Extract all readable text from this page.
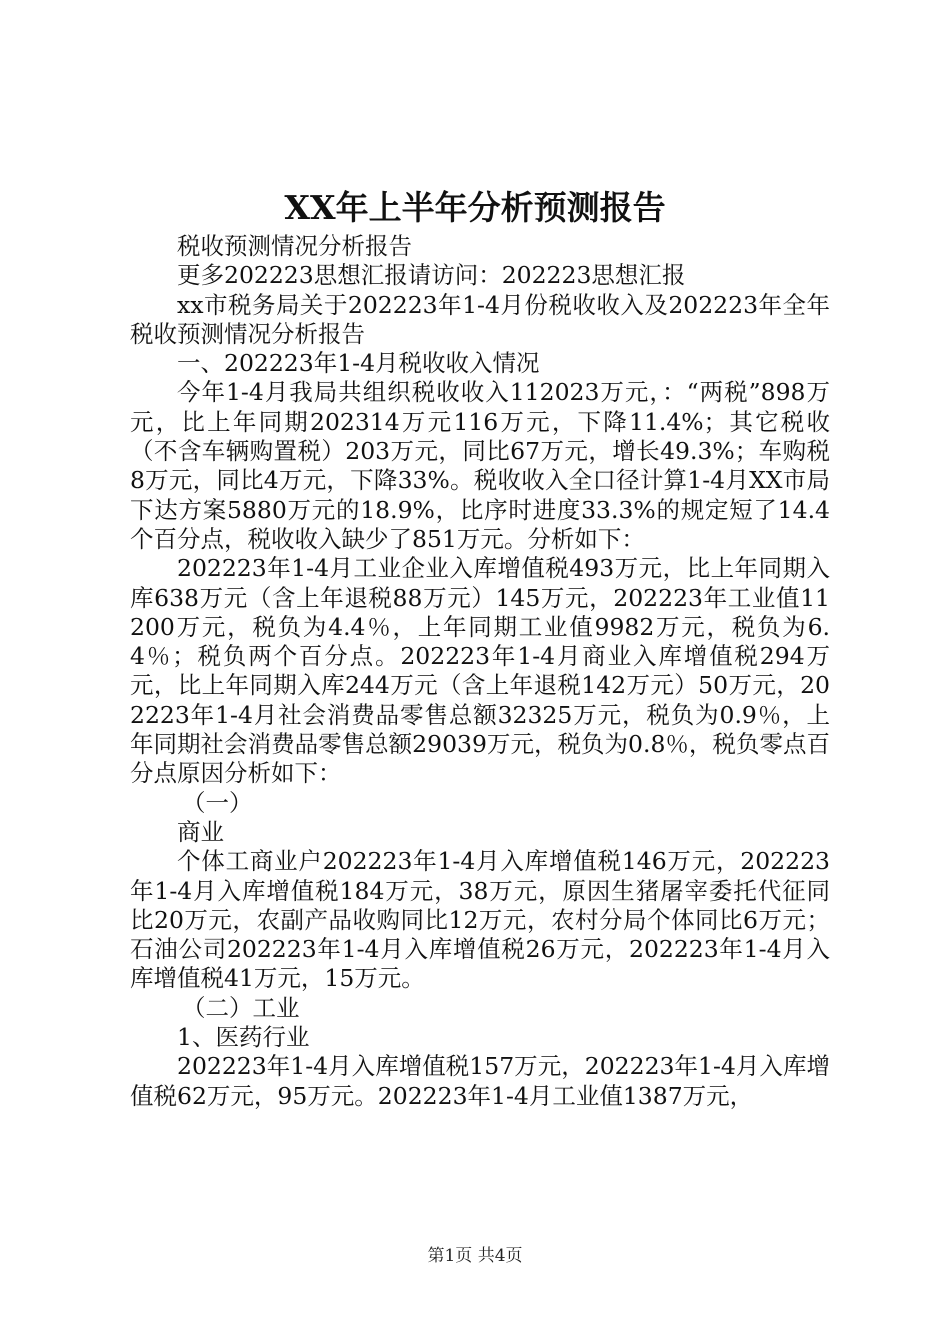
XX年上半年分析预测报告

税收预测情况分析报告

更多202223思想汇报请访问：202223思想汇报

xx市税务局关于202223年1-4月份税收收入及202223年全年税收预测情况分析报告

一、202223年1-4月税收收入情况

今年1-4月我局共组织税收收入112023万元，：“两税”898万元，比上年同期202314万元116万元，下降11.4%；其它税收（不含车辆购置税）203万元，同比67万元，增长49.3%；车购税8万元，同比4万元，下降33%。税收收入全口径计算1-4月XX市局下达方案5880万元的18.9%，比序时进度33.3%的规定短了14.4个百分点，税收收入缺少了851万元。分析如下：

202223年1-4月工业企业入库增值税493万元，比上年同期入库638万元（含上年退税88万元）145万元，202223年工业值11200万元，税负为4.4％，上年同期工业值9982万元，税负为6.4％；税负两个百分点。202223年1-4月商业入库增值税294万元，比上年同期入库244万元（含上年退税142万元）50万元，202223年1-4月社会消费品零售总额32325万元，税负为0.9％，上年同期社会消费品零售总额29039万元，税负为0.8％，税负零点百分点原因分析如下：

（一）

商业

个体工商业户202223年1-4月入库增值税146万元，202223年1-4月入库增值税184万元，38万元，原因生猪屠宰委托代征同比20万元，农副产品收购同比12万元，农村分局个体同比6万元；石油公司202223年1-4月入库增值税26万元，202223年1-4月入库增值税41万元，15万元。

（二）工业

1、医药行业

202223年1-4月入库增值税157万元，202223年1-4月入库增值税62万元，95万元。202223年1-4月工业值1387万元，

第1页 共4页
